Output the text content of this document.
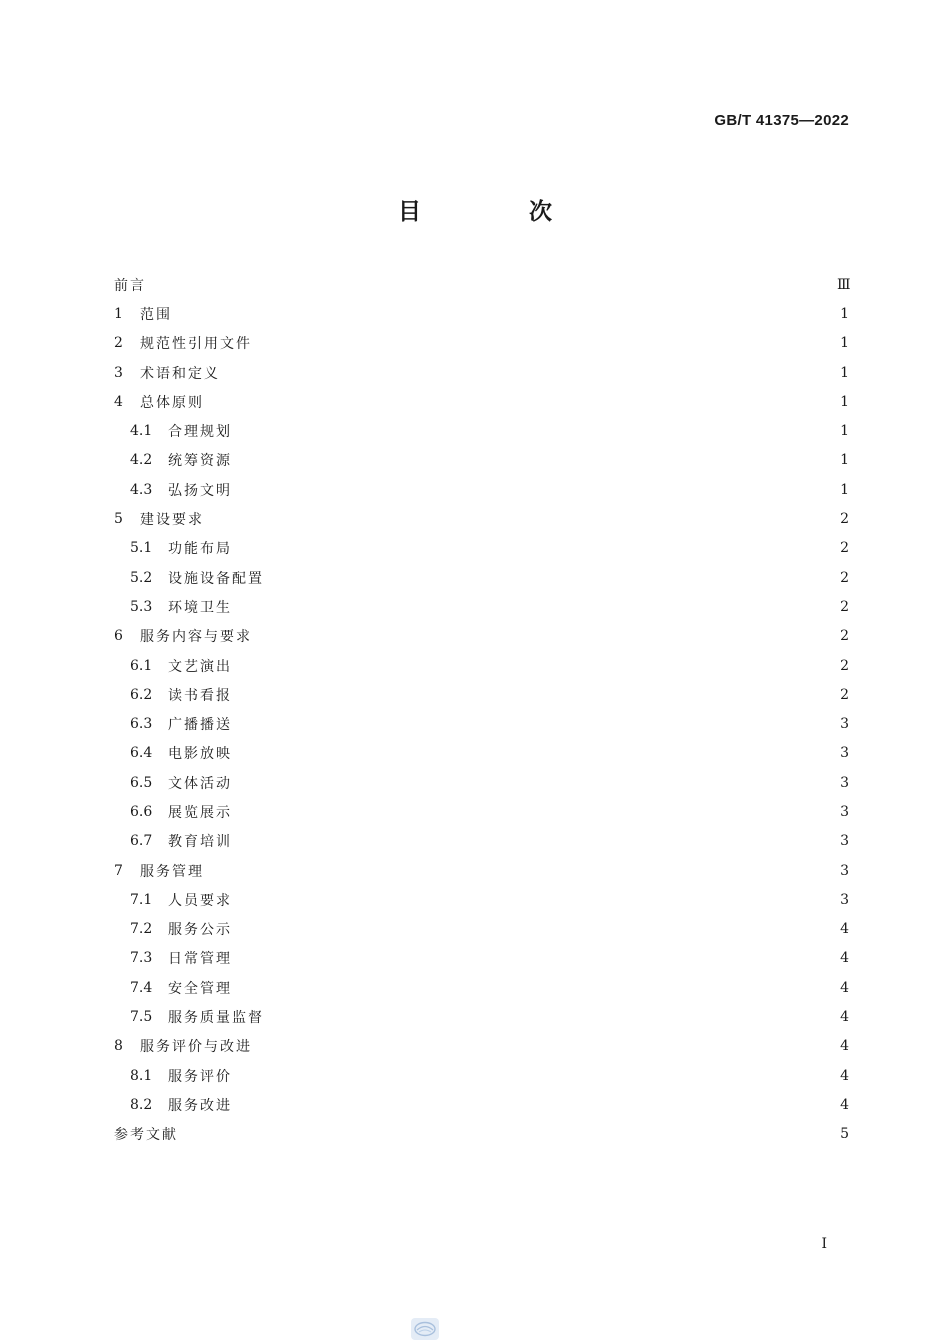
GB/T 41375—2022
目 次
前言	Ⅲ
1	范围	1
2	规范性引用文件	1
3	术语和定义	1
4	总体原则	1
4.1	合理规划	1
4.2	统筹资源	1
4.3	弘扬文明	1
5	建设要求	2
5.1	功能布局	2
5.2	设施设备配置	2
5.3	环境卫生	2
6	服务内容与要求	2
6.1	文艺演出	2
6.2	读书看报	2
6.3	广播播送	3
6.4	电影放映	3
6.5	文体活动	3
6.6	展览展示	3
6.7	教育培训	3
7	服务管理	3
7.1	人员要求	3
7.2	服务公示	4
7.3	日常管理	4
7.4	安全管理	4
7.5	服务质量监督	4
8	服务评价与改进	4
8.1	服务评价	4
8.2	服务改进	4
参考文献	5
Ⅰ
